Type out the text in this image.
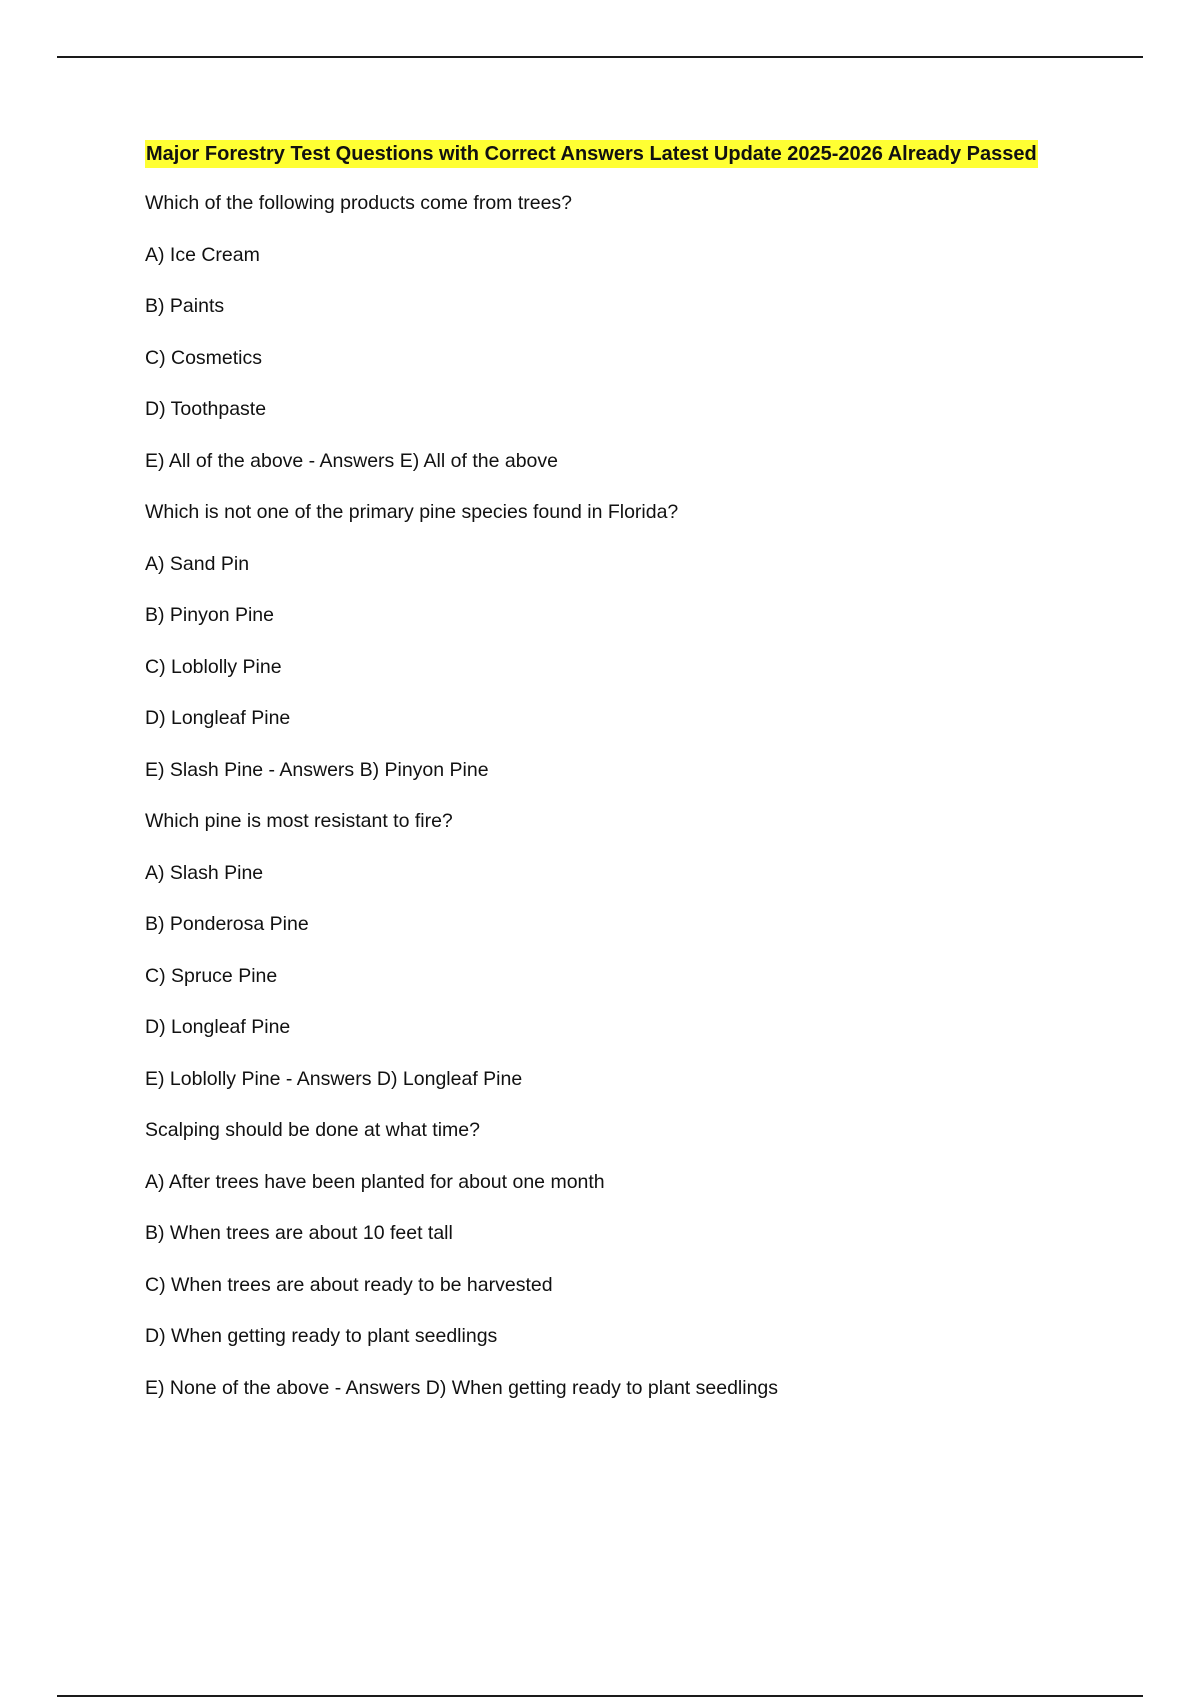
Major Forestry Test Questions with Correct Answers Latest Update 2025-2026 Already Passed
Which of the following products come from trees?
A) Ice Cream
B) Paints
C) Cosmetics
D) Toothpaste
E) All of the above - Answers E) All of the above
Which is not one of the primary pine species found in Florida?
A) Sand Pin
B) Pinyon Pine
C) Loblolly Pine
D) Longleaf Pine
E) Slash Pine - Answers B) Pinyon Pine
Which pine is most resistant to fire?
A) Slash Pine
B) Ponderosa Pine
C) Spruce Pine
D) Longleaf Pine
E) Loblolly Pine - Answers D) Longleaf Pine
Scalping should be done at what time?
A) After trees have been planted for about one month
B) When trees are about 10 feet tall
C) When trees are about ready to be harvested
D) When getting ready to plant seedlings
E) None of the above - Answers D) When getting ready to plant seedlings
